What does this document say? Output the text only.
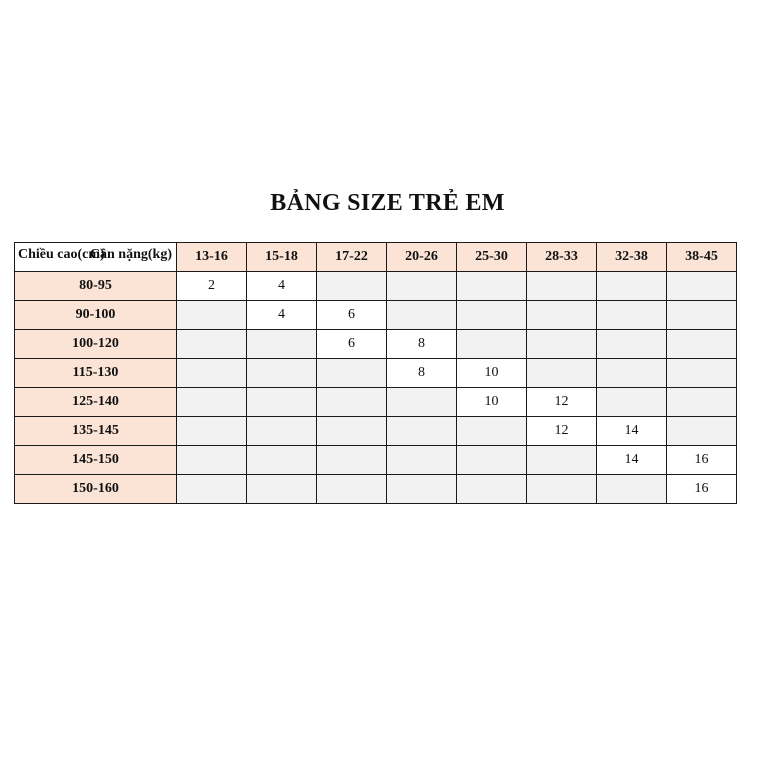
BẢNG SIZE TRẺ EM
Cân nặng(kg)
Chiều cao(cm)	13-16	15-18	17-22	20-26	25-30	28-33	32-38	38-45
80-95	2	4						
90-100		4	6					
100-120			6	8				
115-130				8	10			
125-140					10	12		
135-145						12	14	
145-150							14	16
150-160								16
